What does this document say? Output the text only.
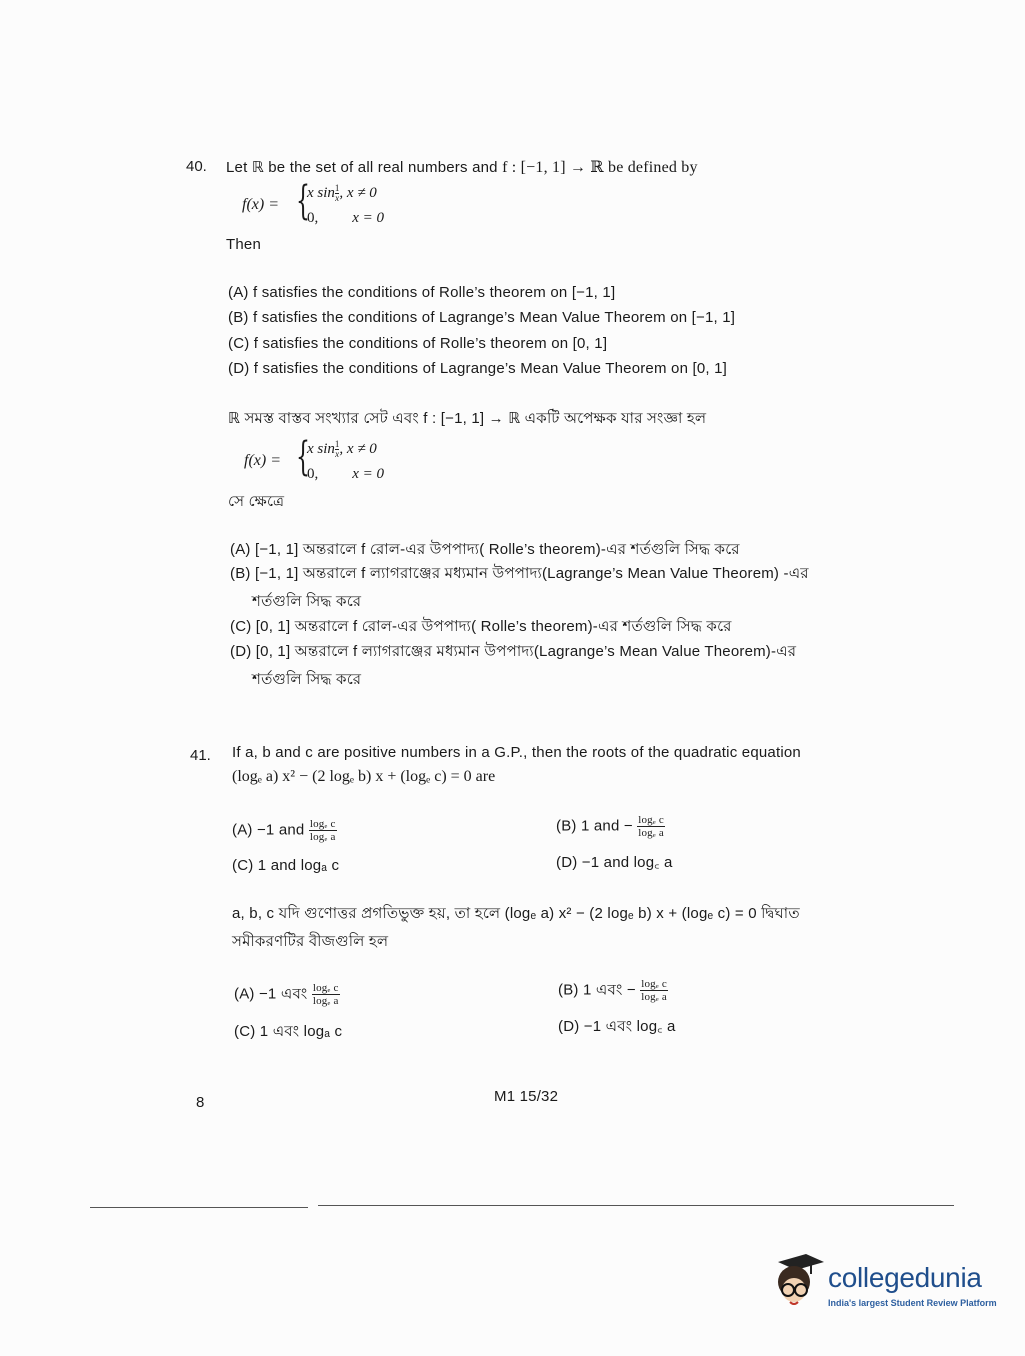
40. Let ℝ be the set of all real numbers and f : [−1, 1] → ℝ be defined by
f(x) = {
x $\sin \frac{1}{x}$, x ≠ 0
0, x = 0
Then
(A) f satisfies the conditions of Rolle’s theorem on [−1, 1]
(B) f satisfies the conditions of Lagrange’s Mean Value Theorem on [−1, 1]
(C) f satisfies the conditions of Rolle’s theorem on [0, 1]
(D) f satisfies the conditions of Lagrange’s Mean Value Theorem on [0, 1]
ℝ সমস্ত বাস্তব সংখ্যার সেট এবং f : [−1, 1] → ℝ একটি অপেক্ষক যার সংজ্ঞা হল
f(x) = {
x $\sin \frac{1}{x}$, x ≠ 0
0, x = 0
সে ক্ষেত্রে
(A) [−1, 1] অন্তরালে f রোল-এর উপপাদ্য( Rolle’s theorem)-এর শর্তগুলি সিদ্ধ করে
(B) [−1, 1] অন্তরালে f ল্যাগরাঞ্জের মধ্যমান উপপাদ্য(Lagrange’s Mean Value Theorem) -এর
শর্তগুলি সিদ্ধ করে
(C) [0, 1] অন্তরালে f রোল-এর উপপাদ্য( Rolle’s theorem)-এর শর্তগুলি সিদ্ধ করে
(D) [0, 1] অন্তরালে f ল্যাগরাঞ্জের মধ্যমান উপপাদ্য(Lagrange’s Mean Value Theorem)-এর
শর্তগুলি সিদ্ধ করে
41. If a, b and c are positive numbers in a G.P., then the roots of the quadratic equation
(logₑ a) x² − (2 logₑ b) x + (logₑ c) = 0 are
(A) −1 and $\frac{\text{logₑ c}}{\text{logₑ a}}$	(B) 1 and − $\frac{\text{logₑ c}}{\text{logₑ a}}$
(C) 1 and logₐ c	(D) −1 and log꜀ a
a, b, c যদি গুণোত্তর প্রগতিভুক্ত হয়, তা হলে (logₑ a) x² − (2 logₑ b) x + (logₑ c) = 0 দ্বিঘাত
সমীকরণটির বীজগুলি হল
(A) −1 এবং $\frac{\text{logₑ c}}{\text{logₑ a}}$	(B) 1 এবং − $\frac{\text{logₑ c}}{\text{logₑ a}}$
(C) 1 এবং logₐ c	(D) −1 এবং log꜀ a
8	M1 15/32
collegedunia
India's largest Student Review Platform
